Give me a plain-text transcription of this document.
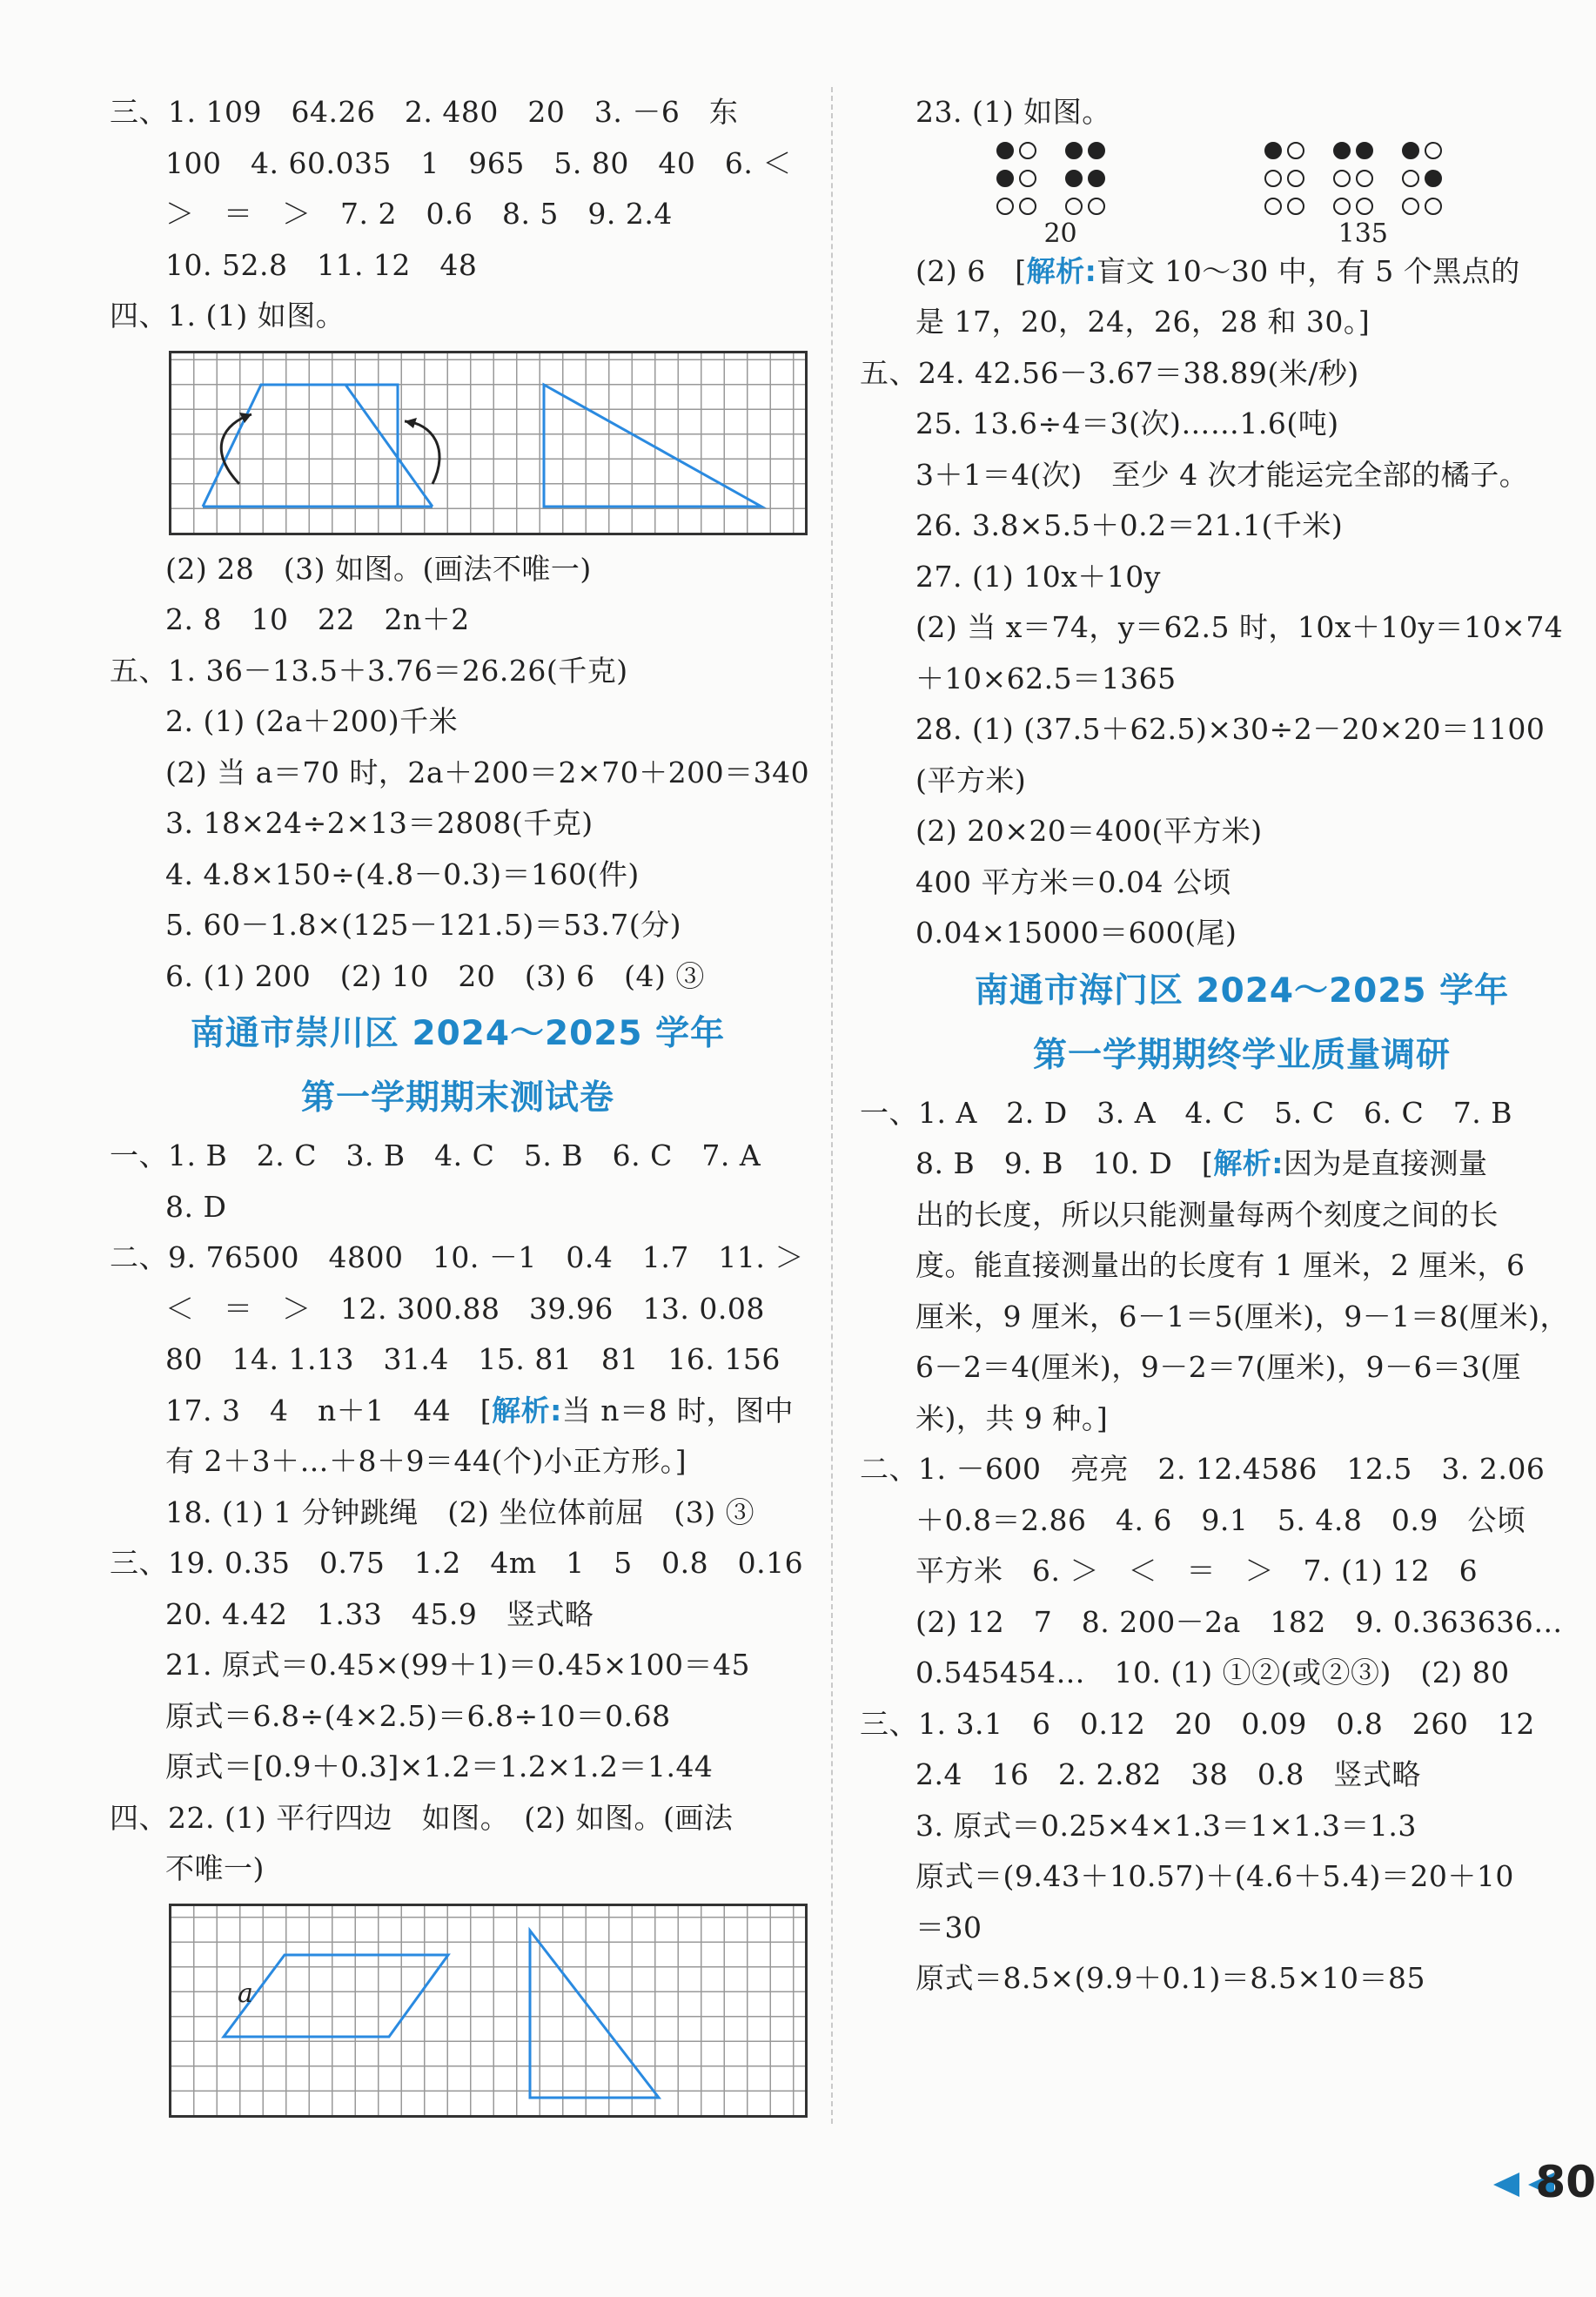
三、1. 109　64.26　2. 480　20　3. －6　东
100　4. 60.035　1　965　5. 80　40　6. ＜
＞　＝　＞　7. 2　0.6　8. 5　9. 2.4
10. 52.8　11. 12　48
四、1. (1) 如图。
(2) 28　(3) 如图。(画法不唯一)
2. 8　10　22　2n＋2
五、1. 36－13.5＋3.76＝26.26(千克)
2. (1) (2a＋200)千米
(2) 当 a＝70 时，2a＋200＝2×70＋200＝340
3. 18×24÷2×13＝2808(千克)
4. 4.8×150÷(4.8－0.3)＝160(件)
5. 60－1.8×(125－121.5)＝53.7(分)
6. (1) 200　(2) 10　20　(3) 6　(4) ③
南通市崇川区 2024～2025 学年
第一学期期末测试卷
一、1. B　2. C　3. B　4. C　5. B　6. C　7. A
8. D
二、9. 76500　4800　10. －1　0.4　1.7　11. ＞
＜　＝　＞　12. 300.88　39.96　13. 0.08
80　14. 1.13　31.4　15. 81　81　16. 156
17. 3　4　n＋1　44　[解析:当 n＝8 时，图中
有 2＋3＋…＋8＋9＝44(个)小正方形。]
18. (1) 1 分钟跳绳　(2) 坐位体前屈　(3) ③
三、19. 0.35　0.75　1.2　4m　1　5　0.8　0.16
20. 4.42　1.33　45.9　竖式略
21. 原式＝0.45×(99＋1)＝0.45×100＝45
原式＝6.8÷(4×2.5)＝6.8÷10＝0.68
原式＝[0.9＋0.3]×1.2＝1.2×1.2＝1.44
四、22. (1) 平行四边　如图。　(2) 如图。(画法
不唯一)
a
23. (1) 如图。

20

	135
(2) 6　[解析:盲文 10～30 中，有 5 个黑点的
是 17，20，24，26，28 和 30。]
五、24. 42.56－3.67＝38.89(米/秒)
25. 13.6÷4＝3(次)……1.6(吨)
3＋1＝4(次)　至少 4 次才能运完全部的橘子。
26. 3.8×5.5＋0.2＝21.1(千米)
27. (1) 10x＋10y
(2) 当 x＝74，y＝62.5 时，10x＋10y＝10×74
＋10×62.5＝1365
28. (1) (37.5＋62.5)×30÷2－20×20＝1100
(平方米)
(2) 20×20＝400(平方米)
400 平方米＝0.04 公顷
0.04×15000＝600(尾)
南通市海门区 2024～2025 学年
第一学期期终学业质量调研
一、1. A　2. D　3. A　4. C　5. C　6. C　7. B
8. B　9. B　10. D　[解析:因为是直接测量
出的长度，所以只能测量每两个刻度之间的长
度。能直接测量出的长度有 1 厘米，2 厘米，6
厘米，9 厘米，6－1＝5(厘米)，9－1＝8(厘米)，
6－2＝4(厘米)，9－2＝7(厘米)，9－6＝3(厘
米)，共 9 种。]
二、1. －600　亮亮　2. 12.4586　12.5　3. 2.06
＋0.8＝2.86　4. 6　9.1　5. 4.8　0.9　公顷
平方米　6. ＞　＜　＝　＞　7. (1) 12　6
(2) 12　7　8. 200－2a　182　9. 0.363636…
0.545454…　10. (1) ①②(或②③)　(2) 80
三、1. 3.1　6　0.12　20　0.09　0.8　260　12
2.4　16　2. 2.82　38　0.8　竖式略
3. 原式＝0.25×4×1.3＝1×1.3＝1.3
原式＝(9.43＋10.57)＋(4.6＋5.4)＝20＋10
＝30
原式＝8.5×(9.9＋0.1)＝8.5×10＝85
80
